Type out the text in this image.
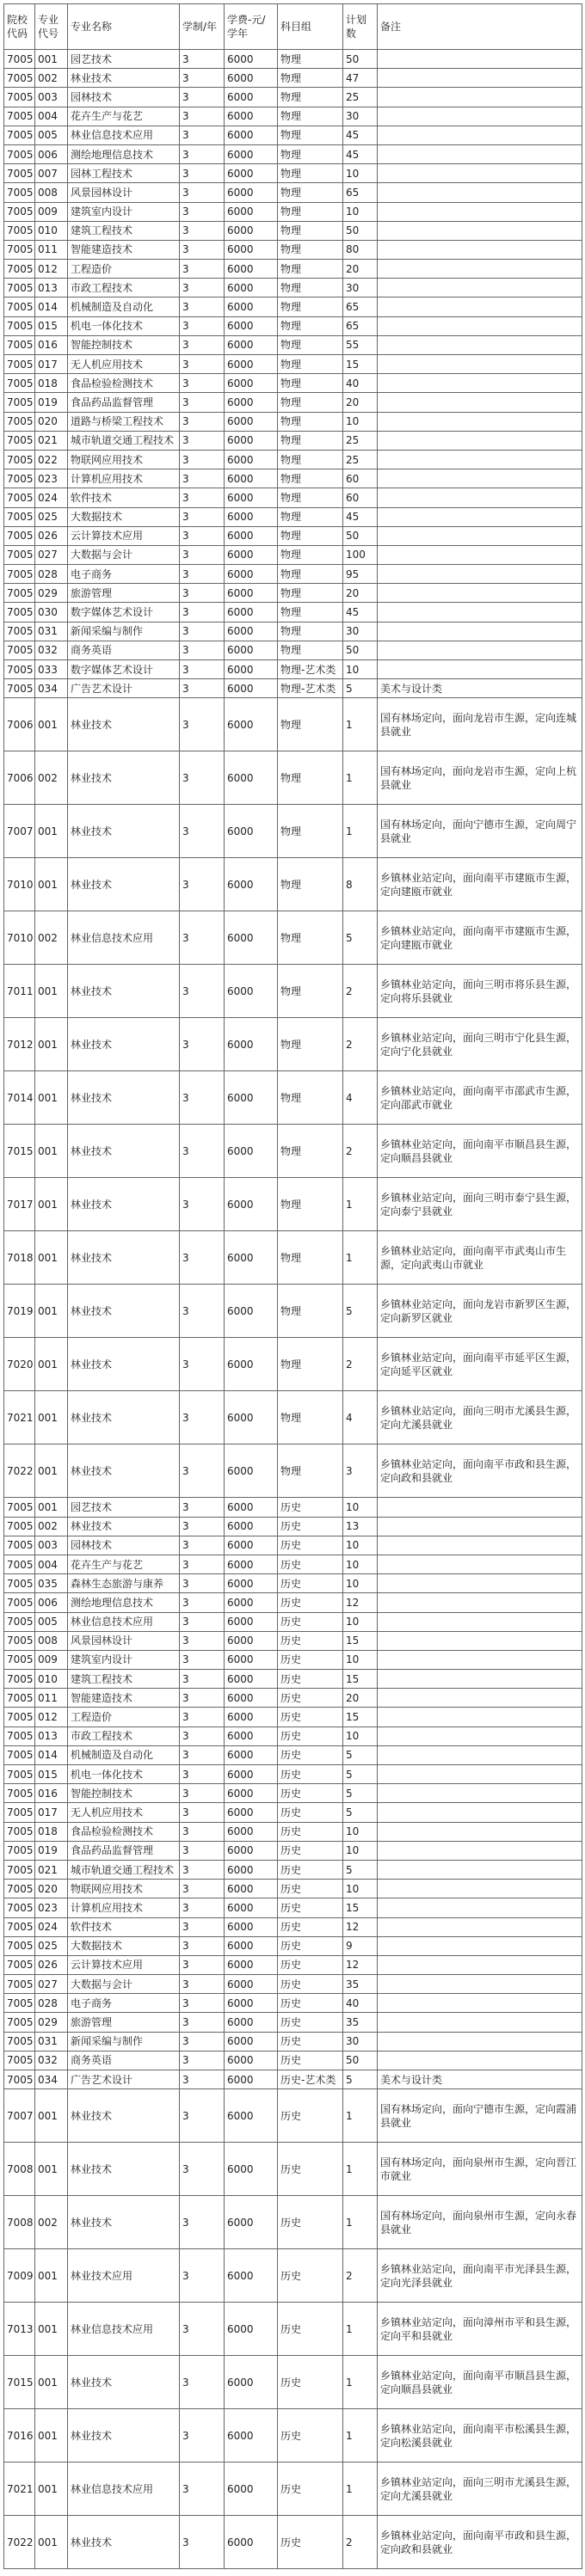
院校代码	专业代号	专业名称	学制/年	学费-元/学年	科目组	计划数	备注
7005	001	园艺技术	3	6000	物理	50	
7005	002	林业技术	3	6000	物理	47	
7005	003	园林技术	3	6000	物理	25	
7005	004	花卉生产与花艺	3	6000	物理	30	
7005	005	林业信息技术应用	3	6000	物理	45	
7005	006	测绘地理信息技术	3	6000	物理	45	
7005	007	园林工程技术	3	6000	物理	10	
7005	008	风景园林设计	3	6000	物理	65	
7005	009	建筑室内设计	3	6000	物理	10	
7005	010	建筑工程技术	3	6000	物理	50	
7005	011	智能建造技术	3	6000	物理	80	
7005	012	工程造价	3	6000	物理	20	
7005	013	市政工程技术	3	6000	物理	30	
7005	014	机械制造及自动化	3	6000	物理	65	
7005	015	机电一体化技术	3	6000	物理	65	
7005	016	智能控制技术	3	6000	物理	55	
7005	017	无人机应用技术	3	6000	物理	15	
7005	018	食品检验检测技术	3	6000	物理	40	
7005	019	食品药品监督管理	3	6000	物理	20	
7005	020	道路与桥梁工程技术	3	6000	物理	10	
7005	021	城市轨道交通工程技术	3	6000	物理	25	
7005	022	物联网应用技术	3	6000	物理	25	
7005	023	计算机应用技术	3	6000	物理	60	
7005	024	软件技术	3	6000	物理	60	
7005	025	大数据技术	3	6000	物理	45	
7005	026	云计算技术应用	3	6000	物理	50	
7005	027	大数据与会计	3	6000	物理	100	
7005	028	电子商务	3	6000	物理	95	
7005	029	旅游管理	3	6000	物理	20	
7005	030	数字媒体艺术设计	3	6000	物理	45	
7005	031	新闻采编与制作	3	6000	物理	30	
7005	032	商务英语	3	6000	物理	50	
7005	033	数字媒体艺术设计	3	6000	物理-艺术类	10	
7005	034	广告艺术设计	3	6000	物理-艺术类	5	美术与设计类
7006	001	林业技术	3	6000	物理	1	国有林场定向，面向龙岩市生源，定向连城县就业
7006	002	林业技术	3	6000	物理	1	国有林场定向，面向龙岩市生源，定向上杭县就业
7007	001	林业技术	3	6000	物理	1	国有林场定向，面向宁德市生源，定向周宁县就业
7010	001	林业技术	3	6000	物理	8	乡镇林业站定向，面向南平市建瓯市生源，定向建瓯市就业
7010	002	林业信息技术应用	3	6000	物理	5	乡镇林业站定向，面向南平市建瓯市生源，定向建瓯市就业
7011	001	林业技术	3	6000	物理	2	乡镇林业站定向，面向三明市将乐县生源，定向将乐县就业
7012	001	林业技术	3	6000	物理	2	乡镇林业站定向，面向三明市宁化县生源，定向宁化县就业
7014	001	林业技术	3	6000	物理	4	乡镇林业站定向，面向南平市邵武市生源，定向邵武市就业
7015	001	林业技术	3	6000	物理	2	乡镇林业站定向，面向南平市顺昌县生源，定向顺昌县就业
7017	001	林业技术	3	6000	物理	1	乡镇林业站定向，面向三明市泰宁县生源，定向泰宁县就业
7018	001	林业技术	3	6000	物理	1	乡镇林业站定向，面向南平市武夷山市生源，定向武夷山市就业
7019	001	林业技术	3	6000	物理	5	乡镇林业站定向，面向龙岩市新罗区生源，定向新罗区就业
7020	001	林业技术	3	6000	物理	2	乡镇林业站定向，面向南平市延平区生源，定向延平区就业
7021	001	林业技术	3	6000	物理	4	乡镇林业站定向，面向三明市尤溪县生源，定向尤溪县就业
7022	001	林业技术	3	6000	物理	3	乡镇林业站定向，面向南平市政和县生源，定向政和县就业
7005	001	园艺技术	3	6000	历史	10	
7005	002	林业技术	3	6000	历史	13	
7005	003	园林技术	3	6000	历史	10	
7005	004	花卉生产与花艺	3	6000	历史	10	
7005	035	森林生态旅游与康养	3	6000	历史	10	
7005	006	测绘地理信息技术	3	6000	历史	12	
7005	005	林业信息技术应用	3	6000	历史	10	
7005	008	风景园林设计	3	6000	历史	15	
7005	009	建筑室内设计	3	6000	历史	10	
7005	010	建筑工程技术	3	6000	历史	15	
7005	011	智能建造技术	3	6000	历史	20	
7005	012	工程造价	3	6000	历史	15	
7005	013	市政工程技术	3	6000	历史	10	
7005	014	机械制造及自动化	3	6000	历史	5	
7005	015	机电一体化技术	3	6000	历史	5	
7005	016	智能控制技术	3	6000	历史	5	
7005	017	无人机应用技术	3	6000	历史	5	
7005	018	食品检验检测技术	3	6000	历史	10	
7005	019	食品药品监督管理	3	6000	历史	10	
7005	021	城市轨道交通工程技术	3	6000	历史	5	
7005	020	物联网应用技术	3	6000	历史	10	
7005	023	计算机应用技术	3	6000	历史	15	
7005	024	软件技术	3	6000	历史	12	
7005	025	大数据技术	3	6000	历史	9	
7005	026	云计算技术应用	3	6000	历史	12	
7005	027	大数据与会计	3	6000	历史	35	
7005	028	电子商务	3	6000	历史	40	
7005	029	旅游管理	3	6000	历史	35	
7005	031	新闻采编与制作	3	6000	历史	30	
7005	032	商务英语	3	6000	历史	50	
7005	034	广告艺术设计	3	6000	历史-艺术类	5	美术与设计类
7007	001	林业技术	3	6000	历史	1	国有林场定向，面向宁德市生源，定向霞浦县就业
7008	001	林业技术	3	6000	历史	1	国有林场定向，面向泉州市生源，定向晋江市就业
7008	002	林业技术	3	6000	历史	1	国有林场定向，面向泉州市生源，定向永春县就业
7009	001	林业技术应用	3	6000	历史	2	乡镇林业站定向，面向南平市光泽县生源，定向光泽县就业
7013	001	林业信息技术应用	3	6000	历史	1	乡镇林业站定向，面向漳州市平和县生源，定向平和县就业
7015	001	林业技术	3	6000	历史	1	乡镇林业站定向，面向南平市顺昌县生源，定向顺昌县就业
7016	001	林业技术	3	6000	历史	1	乡镇林业站定向，面向南平市松溪县生源，定向松溪县就业
7021	001	林业信息技术应用	3	6000	历史	1	乡镇林业站定向，面向三明市尤溪县生源，定向尤溪县就业
7022	001	林业技术	3	6000	历史	2	乡镇林业站定向，面向南平市政和县生源，定向政和县就业
